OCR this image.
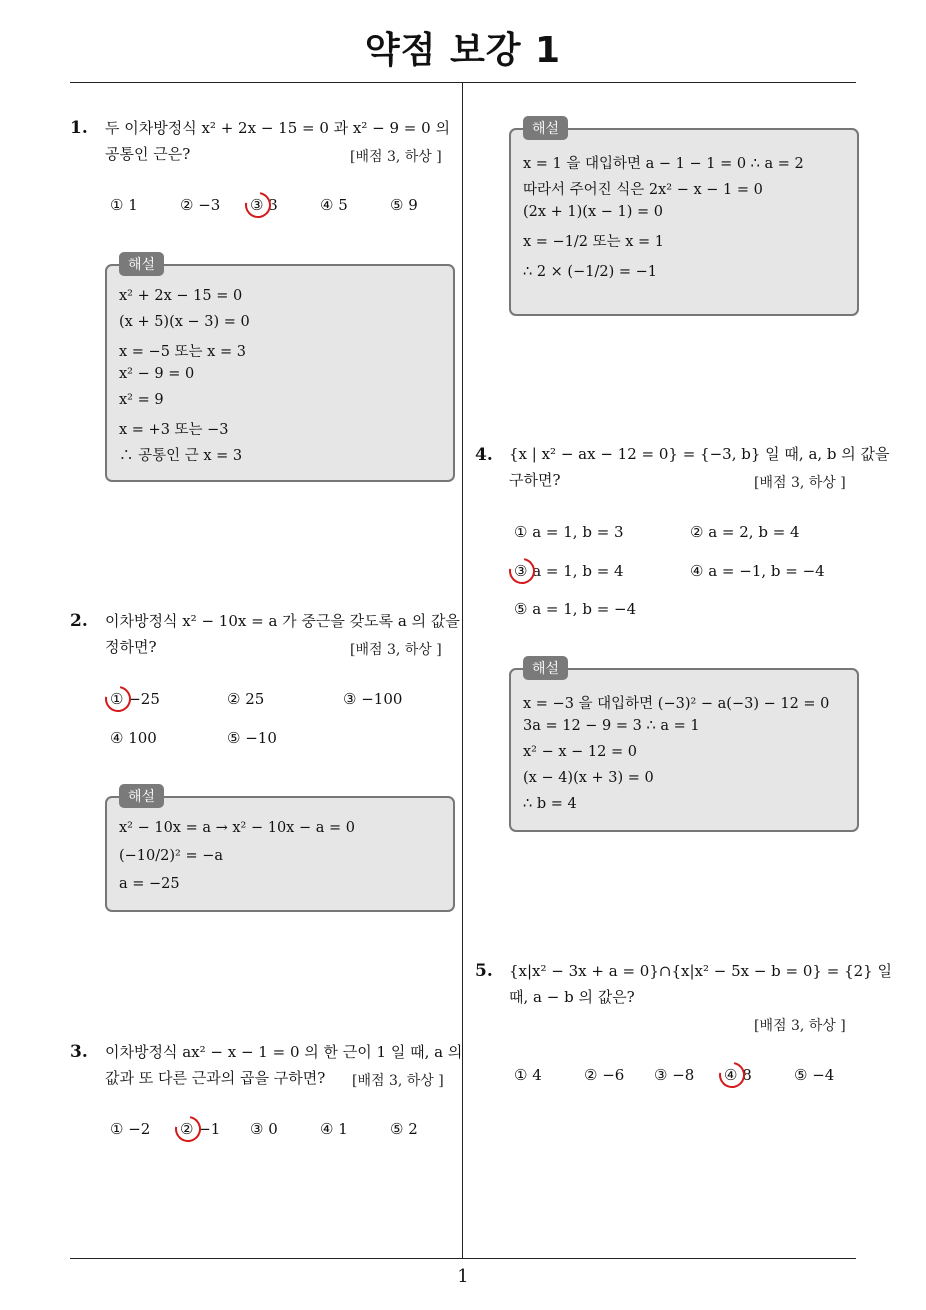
약점 보강 1
1
1. 두 이차방정식 x² + 2x − 15 = 0 과 x² − 9 = 0 의
공통인 근은?	[배점 3, 하상 ]
① 1	② −3 ③ 3	④ 5	⑤ 9
해설
x² + 2x − 15 = 0
(x + 5)(x − 3) = 0
x = −5 또는 x = 3
x² − 9 = 0
x² = 9
x = +3 또는 −3
∴ 공통인 근 x = 3
2. 이차방정식 x² − 10x = a 가 중근을 갖도록 a 의 값을
정하면?	[배점 3, 하상 ]
① −25	② 25	③ −100
④ 100	⑤ −10
해설
x² − 10x = a → x² − 10x − a = 0
(−10/2)² = −a
a = −25
3. 이차방정식 ax² − x − 1 = 0 의 한 근이 1 일 때, a 의
값과 또 다른 근과의 곱을 구하면? [배점 3, 하상 ]
① −2 ② −1 ③ 0	④ 1	⑤ 2
해설
x = 1 을 대입하면 a − 1 − 1 = 0 ∴ a = 2
따라서 주어진 식은 2x² − x − 1 = 0
(2x + 1)(x − 1) = 0
x = −1/2 또는 x = 1
∴ 2 × (−1/2) = −1
4. {x | x² − ax − 12 = 0} = {−3, b} 일 때, a, b 의 값을
구하면?	[배점 3, 하상 ]
① a = 1, b = 3	② a = 2, b = 4
③ a = 1, b = 4	④ a = −1, b = −4
⑤ a = 1, b = −4
해설
x = −3 을 대입하면 (−3)² − a(−3) − 12 = 0
3a = 12 − 9 = 3 ∴ a = 1
x² − x − 12 = 0
(x − 4)(x + 3) = 0
∴ b = 4
5. {x|x² − 3x + a = 0}∩{x|x² − 5x − b = 0} = {2} 일
때, a − b 의 값은?
[배점 3, 하상 ]
① 4	② −6 ③ −8 ④ 8	⑤ −4
